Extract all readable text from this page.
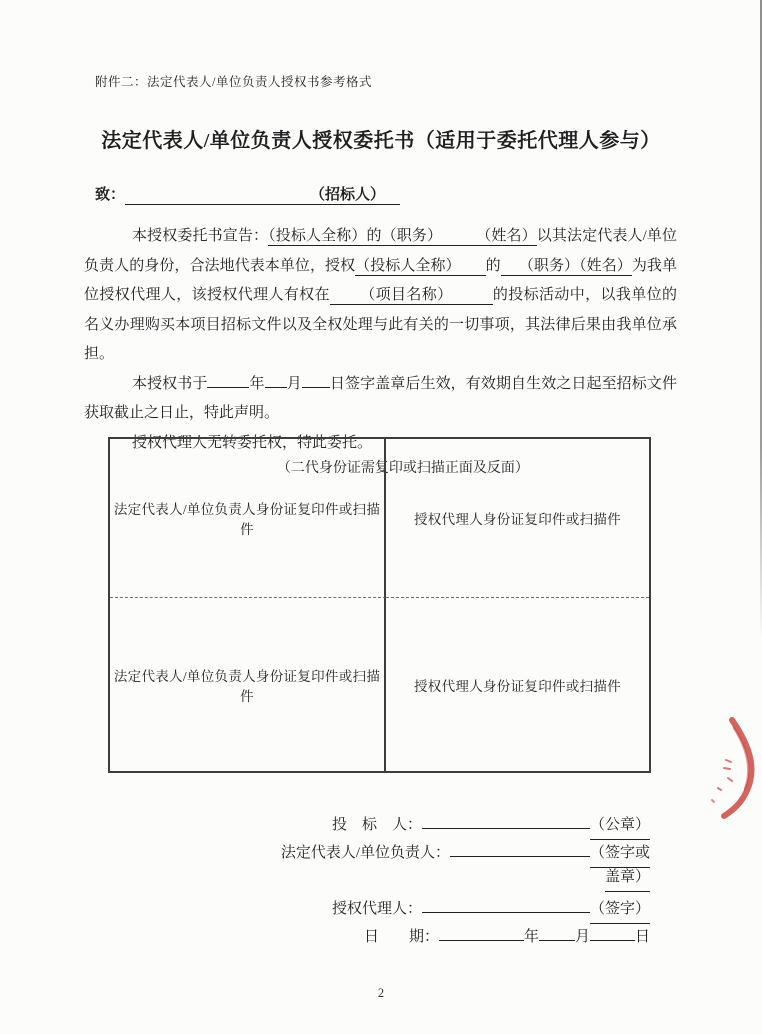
附件二：法定代表人/单位负责人授权书参考格式
法定代表人/单位负责人授权委托书（适用于委托代理人参与）
致：	（招标人）

本授权委托书宣告：（投标人全称）的（职务） （姓名）以其法定代表人/单位负责人的身份，合法地代表本单位，授权（投标人全称） 的 （职务）（姓名）为我单位授权代理人，该授权代理人有权在 （项目名称）	的投标活动中，以我单位的名义办理购买本项目招标文件以及全权处理与此有关的一切事项，其法律后果由我单位承担。

本授权书于	年 月 日签字盖章后生效，有效期自生效之日起至招标文件获取截止之日止，特此声明。

授权代理人无转委托权，特此委托。

（二代身份证需复印或扫描正面及反面）

法定代表人/单位负责人身份证复印件或扫描件
授权代理人身份证复印件或扫描件
法定代表人/单位负责人身份证复印件或扫描件
授权代理人身份证复印件或扫描件
投　标　人：	（公章）
法定代表人/单位负责人：	（签字或
盖章）
授权代理人：	（签字）
日　　期：	年 月	日
2
